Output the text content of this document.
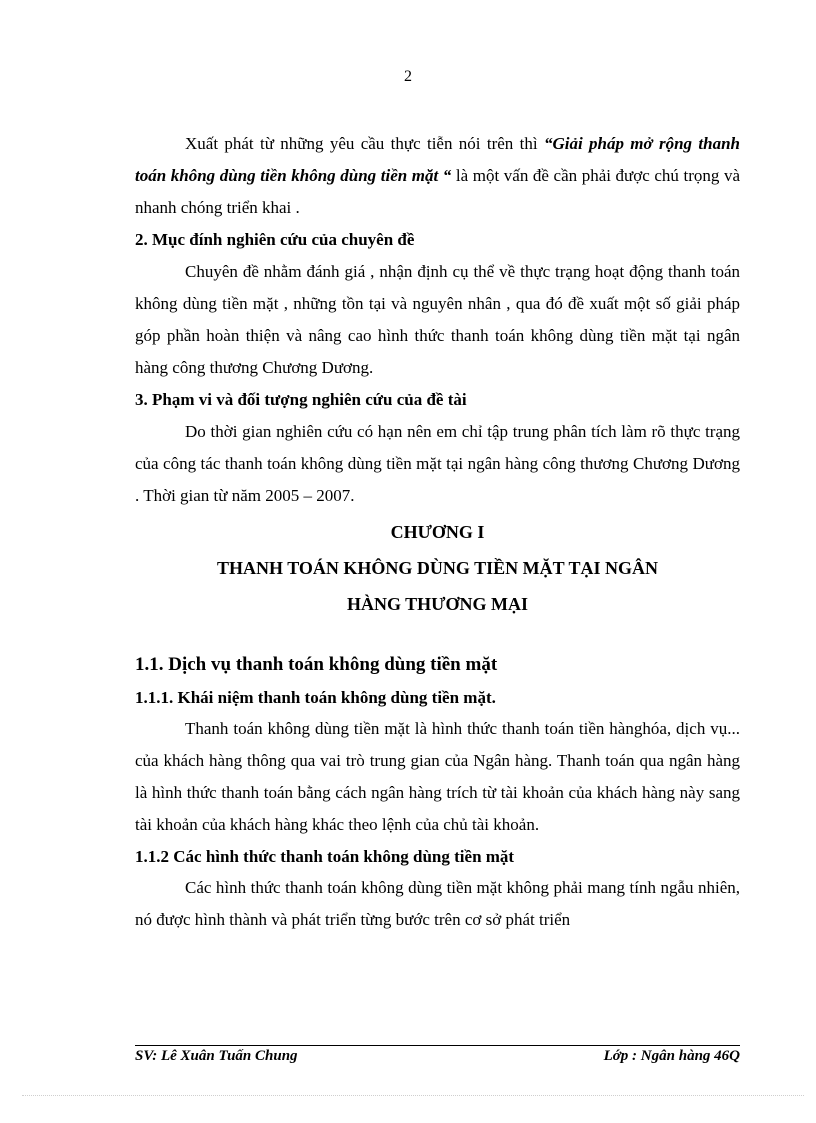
2

Xuất phát từ những yêu cầu thực tiễn nói trên thì “Giải pháp mở rộng thanh toán không dùng tiền không dùng tiền mặt “ là một vấn đề cần phải được chú trọng và nhanh chóng triển khai .

2. Mục đính nghiên cứu của chuyên đề

Chuyên đề nhằm đánh giá , nhận định cụ thể về thực trạng hoạt động thanh toán không dùng tiền mặt , những tồn tại và nguyên nhân , qua đó đề xuất một số giải pháp góp phần hoàn thiện và nâng cao hình thức thanh toán không dùng tiền mặt tại ngân hàng công thương Chương Dương.

3. Phạm vi và đối tượng nghiên cứu của đề tài

Do thời gian nghiên cứu có hạn nên em chỉ tập trung phân tích làm rõ thực trạng của công tác thanh toán không dùng tiền mặt tại ngân hàng công thương Chương Dương . Thời gian từ năm 2005 – 2007.

CHƯƠNG I

THANH TOÁN KHÔNG DÙNG TIỀN MẶT TẠI NGÂN

HÀNG THƯƠNG MẠI

1.1. Dịch vụ thanh toán không dùng tiền mặt

1.1.1. Khái niệm thanh toán không dùng tiền mặt.

Thanh toán không dùng tiền mặt là hình thức thanh toán tiền hànghóa, dịch vụ... của khách hàng thông qua vai trò trung gian của Ngân hàng. Thanh toán qua ngân hàng là hình thức thanh toán bằng cách ngân hàng trích từ tài khoản của khách hàng này sang tài khoản của khách hàng khác theo lệnh của chủ tài khoản.

1.1.2 Các hình thức thanh toán không dùng tiền mặt

Các hình thức thanh toán không dùng tiền mặt không phải mang tính ngẫu nhiên, nó được hình thành và phát triển từng bước trên cơ sở phát triển

SV: Lê Xuân Tuấn Chung	Lớp : Ngân hàng 46Q
